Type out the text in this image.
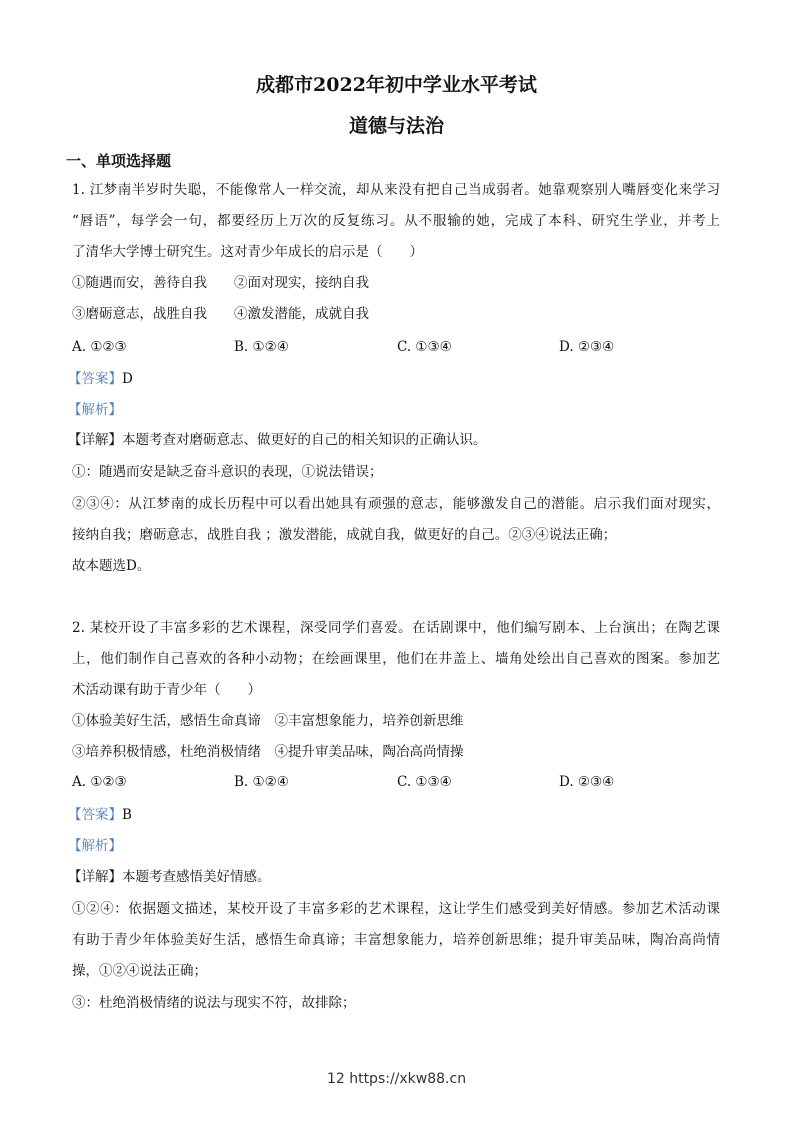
成都市2022年初中学业水平考试
道德与法治
一、单项选择题
1. 江梦南半岁时失聪，不能像常人一样交流，却从来没有把自己当成弱者。她靠观察别人嘴唇变化来学习
“唇语”，每学会一句，都要经历上万次的反复练习。从不服输的她，完成了本科、研究生学业，并考上
了清华大学博士研究生。这对青少年成长的启示是（　　）
①随遇而安，善待自我　　②面对现实，接纳自我
③磨砺意志，战胜自我　　④激发潜能，成就自我
A. ①②③	B. ①②④	C. ①③④	D. ②③④
【答案】D
【解析】
【详解】本题考查对磨砺意志、做更好的自己的相关知识的正确认识。
①：随遇而安是缺乏奋斗意识的表现，①说法错误；
②③④：从江梦南的成长历程中可以看出她具有顽强的意志，能够激发自己的潜能。启示我们面对现实，
接纳自我；磨砺意志，战胜自我 ；激发潜能，成就自我，做更好的自己。②③④说法正确；
故本题选D。
2. 某校开设了丰富多彩的艺术课程，深受同学们喜爱。在话剧课中，他们编写剧本、上台演出；在陶艺课
上，他们制作自己喜欢的各种小动物；在绘画课里，他们在井盖上、墙角处绘出自己喜欢的图案。参加艺
术活动课有助于青少年（　　）
①体验美好生活，感悟生命真谛　②丰富想象能力，培养创新思维
③培养积极情感，杜绝消极情绪　④提升审美品味，陶冶高尚情操
A. ①②③	B. ①②④	C. ①③④	D. ②③④
【答案】B
【解析】
【详解】本题考查感悟美好情感。
①②④：依据题文描述，某校开设了丰富多彩的艺术课程，这让学生们感受到美好情感。参加艺术活动课
有助于青少年体验美好生活，感悟生命真谛；丰富想象能力，培养创新思维；提升审美品味，陶冶高尚情
操，①②④说法正确；
③：杜绝消极情绪的说法与现实不符，故排除；
12 https://xkw88.cn
